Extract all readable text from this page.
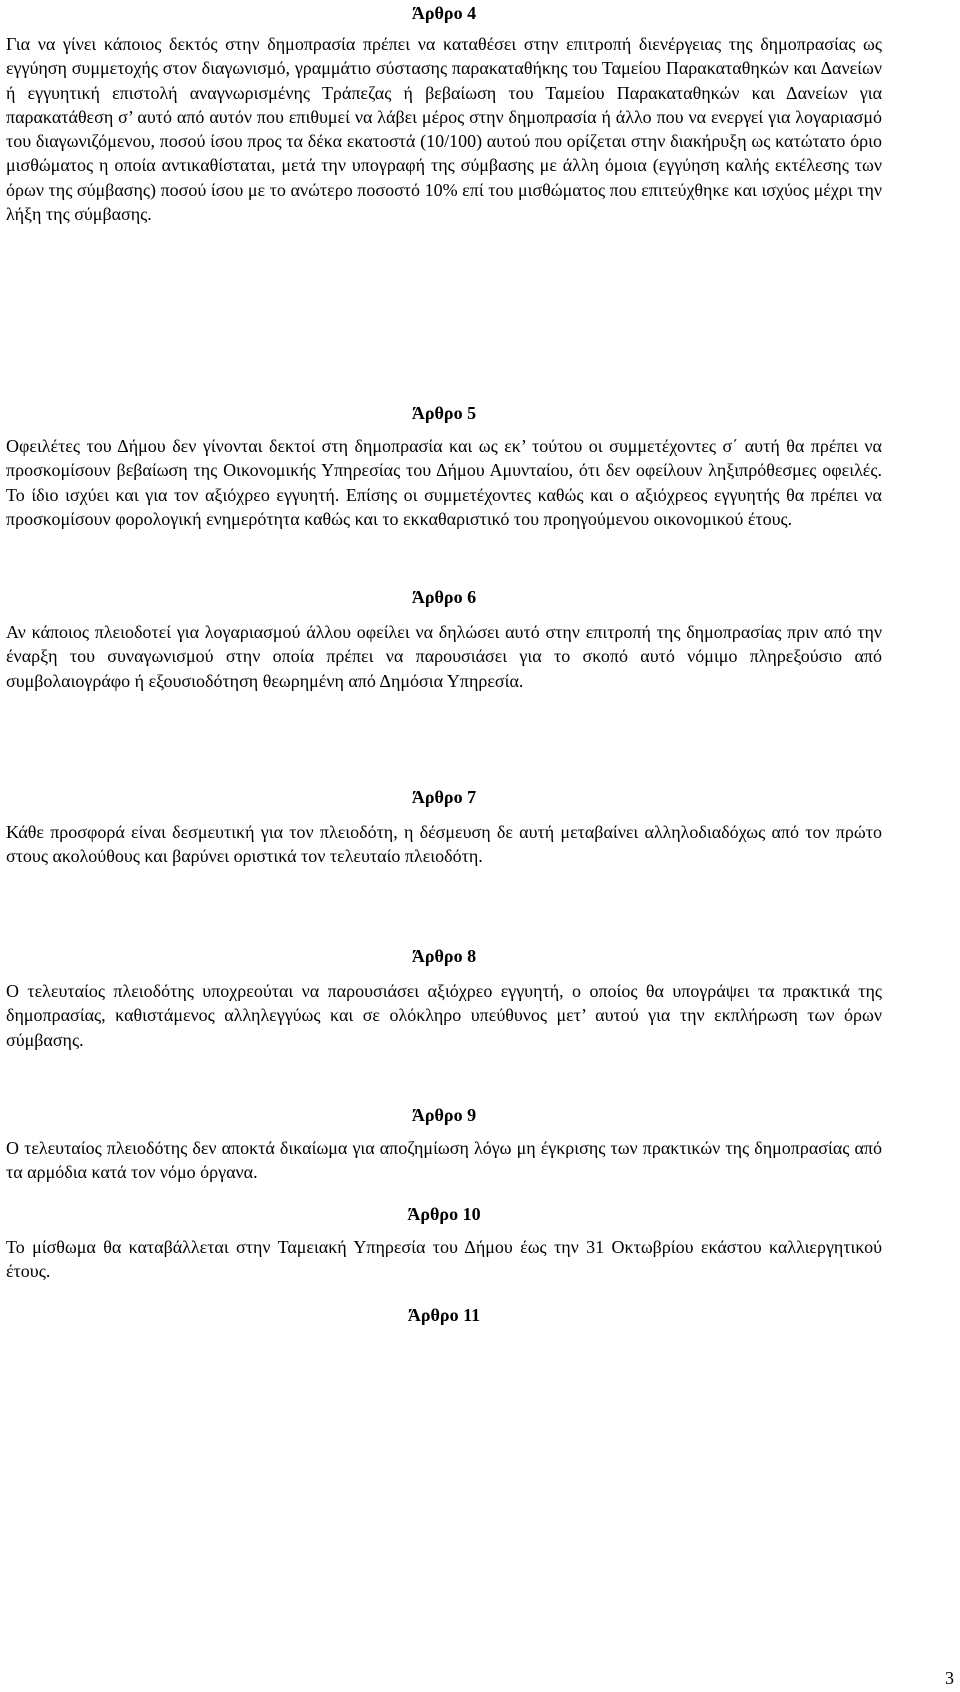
Άρθρο 4

Για να γίνει κάποιος δεκτός στην δημοπρασία πρέπει να καταθέσει στην επιτροπή διενέργειας της δημοπρασίας ως εγγύηση συμμετοχής στον διαγωνισμό, γραμμάτιο σύστασης παρακαταθήκης του Ταμείου Παρακαταθηκών και Δανείων ή εγγυητική επιστολή αναγνωρισμένης Τράπεζας ή βεβαίωση του Ταμείου Παρακαταθηκών και Δανείων για παρακατάθεση σ’ αυτό από αυτόν που επιθυμεί να λάβει μέρος στην δημοπρασία ή άλλο που να ενεργεί για λογαριασμό του διαγωνιζόμενου, ποσού ίσου προς τα δέκα εκατοστά (10/100) αυτού που ορίζεται στην διακήρυξη ως κατώτατο όριο μισθώματος η οποία αντικαθίσταται, μετά την υπογραφή της σύμβασης με άλλη όμοια (εγγύηση καλής εκτέλεσης των όρων της σύμβασης) ποσού ίσου με το ανώτερο ποσοστό 10% επί του μισθώματος που επιτεύχθηκε και ισχύος μέχρι την λήξη της σύμβασης.

Άρθρο 5

Οφειλέτες του Δήμου δεν γίνονται δεκτοί στη δημοπρασία και ως εκ’ τούτου οι συμμετέχοντες σ΄ αυτή θα πρέπει να προσκομίσουν βεβαίωση της Οικονομικής Υπηρεσίας του Δήμου Αμυνταίου, ότι δεν οφείλουν ληξιπρόθεσμες οφειλές. Το ίδιο ισχύει και για τον αξιόχρεο εγγυητή. Επίσης οι συμμετέχοντες καθώς και ο αξιόχρεος εγγυητής θα πρέπει να προσκομίσουν φορολογική ενημερότητα καθώς και το εκκαθαριστικό του προηγούμενου οικονομικού έτους.

Άρθρο 6

Αν κάποιος πλειοδοτεί για λογαριασμού άλλου οφείλει να δηλώσει αυτό στην επιτροπή της δημοπρασίας πριν από την έναρξη του συναγωνισμού στην οποία πρέπει να παρουσιάσει για το σκοπό αυτό νόμιμο πληρεξούσιο από συμβολαιογράφο ή εξουσιοδότηση θεωρημένη από Δημόσια Υπηρεσία.

Άρθρο 7

Κάθε προσφορά είναι δεσμευτική για τον πλειοδότη, η δέσμευση δε αυτή μεταβαίνει αλληλοδιαδόχως από τον πρώτο στους ακολούθους και βαρύνει οριστικά τον τελευταίο πλειοδότη.

Άρθρο 8

Ο τελευταίος πλειοδότης υποχρεούται να παρουσιάσει αξιόχρεο εγγυητή, ο οποίος θα υπογράψει τα πρακτικά της δημοπρασίας, καθιστάμενος αλληλεγγύως και σε ολόκληρο υπεύθυνος μετ’ αυτού για την εκπλήρωση των όρων σύμβασης.

Άρθρο 9

Ο τελευταίος πλειοδότης δεν αποκτά δικαίωμα για αποζημίωση λόγω μη έγκρισης των πρακτικών της δημοπρασίας από τα αρμόδια κατά τον νόμο όργανα.

Άρθρο 10

Το μίσθωμα θα καταβάλλεται στην Ταμειακή Υπηρεσία του Δήμου έως την 31 Οκτωβρίου εκάστου καλλιεργητικού έτους.

Άρθρο 11

3
